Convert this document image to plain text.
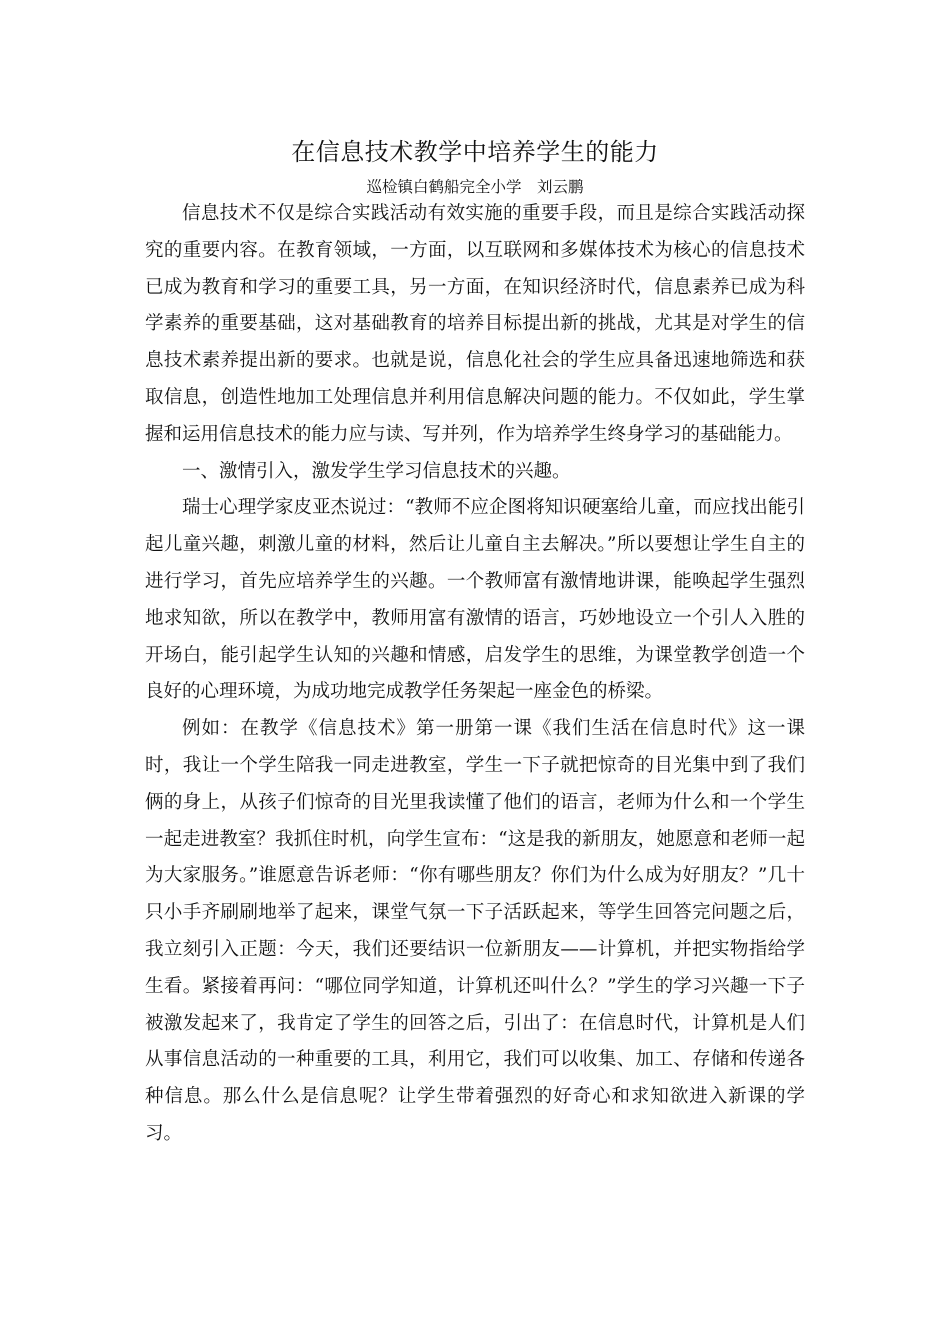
在信息技术教学中培养学生的能力
巡检镇白鹤船完全小学　刘云鹏

信息技术不仅是综合实践活动有效实施的重要手段，而且是综合实践活动探究的重要内容。在教育领域，一方面，以互联网和多媒体技术为核心的信息技术已成为教育和学习的重要工具，另一方面，在知识经济时代，信息素养已成为科学素养的重要基础，这对基础教育的培养目标提出新的挑战，尤其是对学生的信息技术素养提出新的要求。也就是说，信息化社会的学生应具备迅速地筛选和获取信息，创造性地加工处理信息并利用信息解决问题的能力。不仅如此，学生掌握和运用信息技术的能力应与读、写并列，作为培养学生终身学习的基础能力。

一、激情引入，激发学生学习信息技术的兴趣。

瑞士心理学家皮亚杰说过：“教师不应企图将知识硬塞给儿童，而应找出能引起儿童兴趣，刺激儿童的材料，然后让儿童自主去解决。”所以要想让学生自主的进行学习，首先应培养学生的兴趣。一个教师富有激情地讲课，能唤起学生强烈地求知欲，所以在教学中，教师用富有激情的语言，巧妙地设立一个引人入胜的开场白，能引起学生认知的兴趣和情感，启发学生的思维，为课堂教学创造一个良好的心理环境，为成功地完成教学任务架起一座金色的桥梁。

例如：在教学《信息技术》第一册第一课《我们生活在信息时代》这一课时，我让一个学生陪我一同走进教室，学生一下子就把惊奇的目光集中到了我们俩的身上，从孩子们惊奇的目光里我读懂了他们的语言，老师为什么和一个学生一起走进教室？我抓住时机，向学生宣布：“这是我的新朋友，她愿意和老师一起为大家服务。”谁愿意告诉老师：“你有哪些朋友？你们为什么成为好朋友？”几十只小手齐刷刷地举了起来，课堂气氛一下子活跃起来，等学生回答完问题之后，我立刻引入正题：今天，我们还要结识一位新朋友——计算机，并把实物指给学生看。紧接着再问：“哪位同学知道，计算机还叫什么？”学生的学习兴趣一下子被激发起来了，我肯定了学生的回答之后，引出了：在信息时代，计算机是人们从事信息活动的一种重要的工具，利用它，我们可以收集、加工、存储和传递各种信息。那么什么是信息呢？让学生带着强烈的好奇心和求知欲进入新课的学习。
